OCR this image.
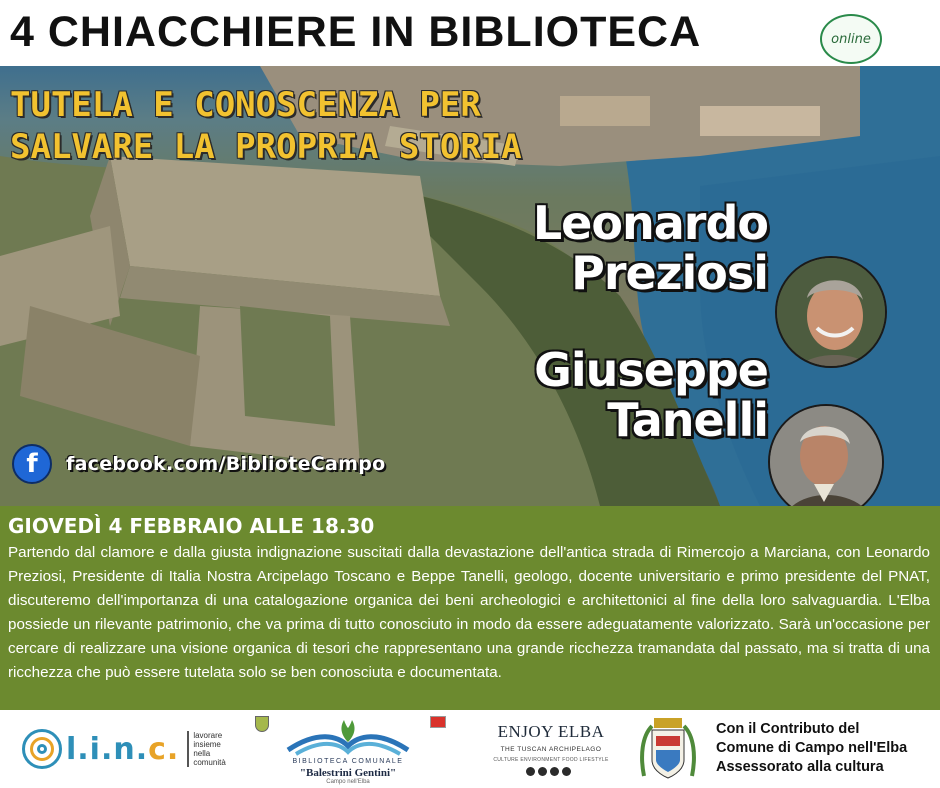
4 CHIACCHIERE IN BIBLIOTECA	online
TUTELA E CONOSCENZA PER
SALVARE LA PROPRIA STORIA
Leonardo
Preziosi
Giuseppe
Tanelli
f facebook.com/BiblioteCampo
GIOVEDÌ 4 FEBBRAIO ALLE 18.30
Partendo dal clamore e dalla giusta indignazione suscitati dalla devastazione dell'antica strada di Rimercojo a Marciana, con Leonardo Preziosi, Presidente di Italia Nostra Arcipelago Toscano e Beppe Tanelli, geologo, docente universitario e primo presidente del PNAT, discuteremo dell'importanza di una catalogazione organica dei beni archeologici e architettonici al fine della loro salvaguardia. L'Elba possiede un rilevante patrimonio, che va prima di tutto conosciuto in modo da essere adeguatamente valorizzato. Sarà un'occasione per cercare di realizzare una visione organica di tesori che rappresentano una grande ricchezza tramandata dal passato, ma si tratta di una ricchezza che può essere tutelata solo se ben conosciuta e documentata.
l.i.n.c. lavorare
insieme
nella
comunità	BIBLIOTECA COMUNALE
"Balestrini Gentini"
Campo nell'Elba
ENJOY ELBA
THE TUSCAN ARCHIPELAGO
CULTURE ENVIRONMENT FOOD LIFESTYLE
Con il Contributo del
Comune di Campo nell'Elba
Assessorato alla cultura
